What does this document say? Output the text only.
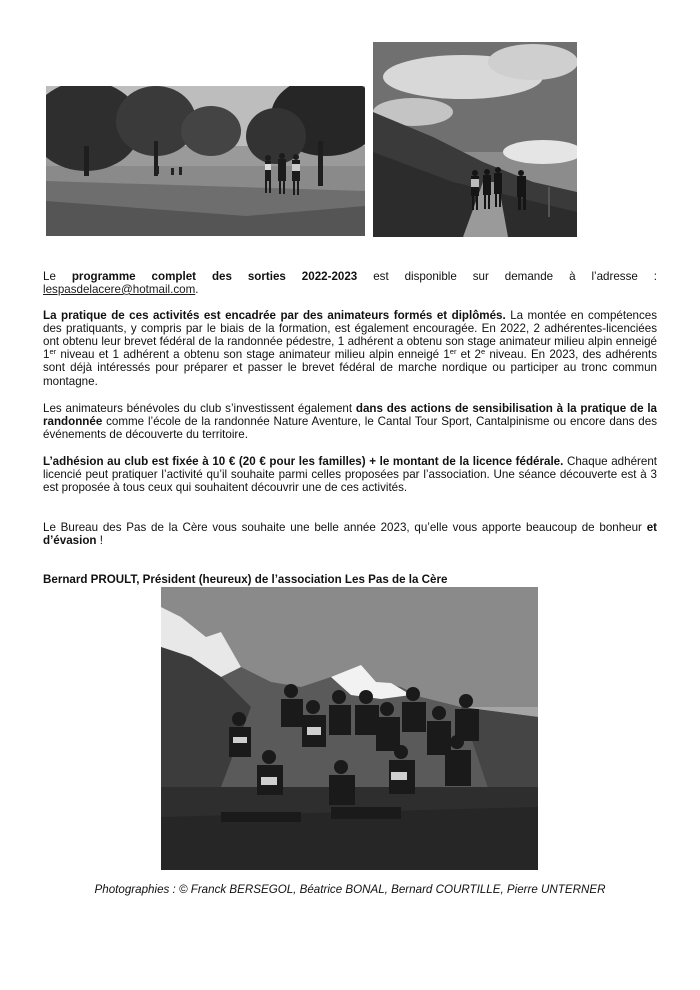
Le programme complet des sorties 2022-2023 est disponible sur demande à l’adresse : lespasdelacere@hotmail.com.

La pratique de ces activités est encadrée par des animateurs formés et diplômés. La montée en compétences des pratiquants, y compris par le biais de la formation, est également encouragée. En 2022, 2 adhérentes-licenciées ont obtenu leur brevet fédéral de la randonnée pédestre, 1 adhérent a obtenu son stage animateur milieu alpin enneigé 1er niveau et 1 adhérent a obtenu son stage animateur milieu alpin enneigé 1er et 2e niveau. En 2023, des adhérents sont déjà intéressés pour préparer et passer le brevet fédéral de marche nordique ou participer au tronc commun montagne.

Les animateurs bénévoles du club s’investissent également dans des actions de sensibilisation à la pratique de la randonnée comme l’école de la randonnée Nature Aventure, le Cantal Tour Sport, Cantalpinisme ou encore dans des événements de découverte du territoire.

L’adhésion au club est fixée à 10 € (20 € pour les familles) + le montant de la licence fédérale. Chaque adhérent licencié peut pratiquer l’activité qu’il souhaite parmi celles proposées par l’association. Une séance découverte est à 3 est proposée à tous ceux qui souhaitent découvrir une de ces activités.

Le Bureau des Pas de la Cère vous souhaite une belle année 2023, qu’elle vous apporte beaucoup de bonheur et d’évasion !

Bernard PROULT, Président (heureux) de l’association Les Pas de la Cère

Photographies : © Franck BERSEGOL, Béatrice BONAL, Bernard COURTILLE, Pierre UNTERNER
